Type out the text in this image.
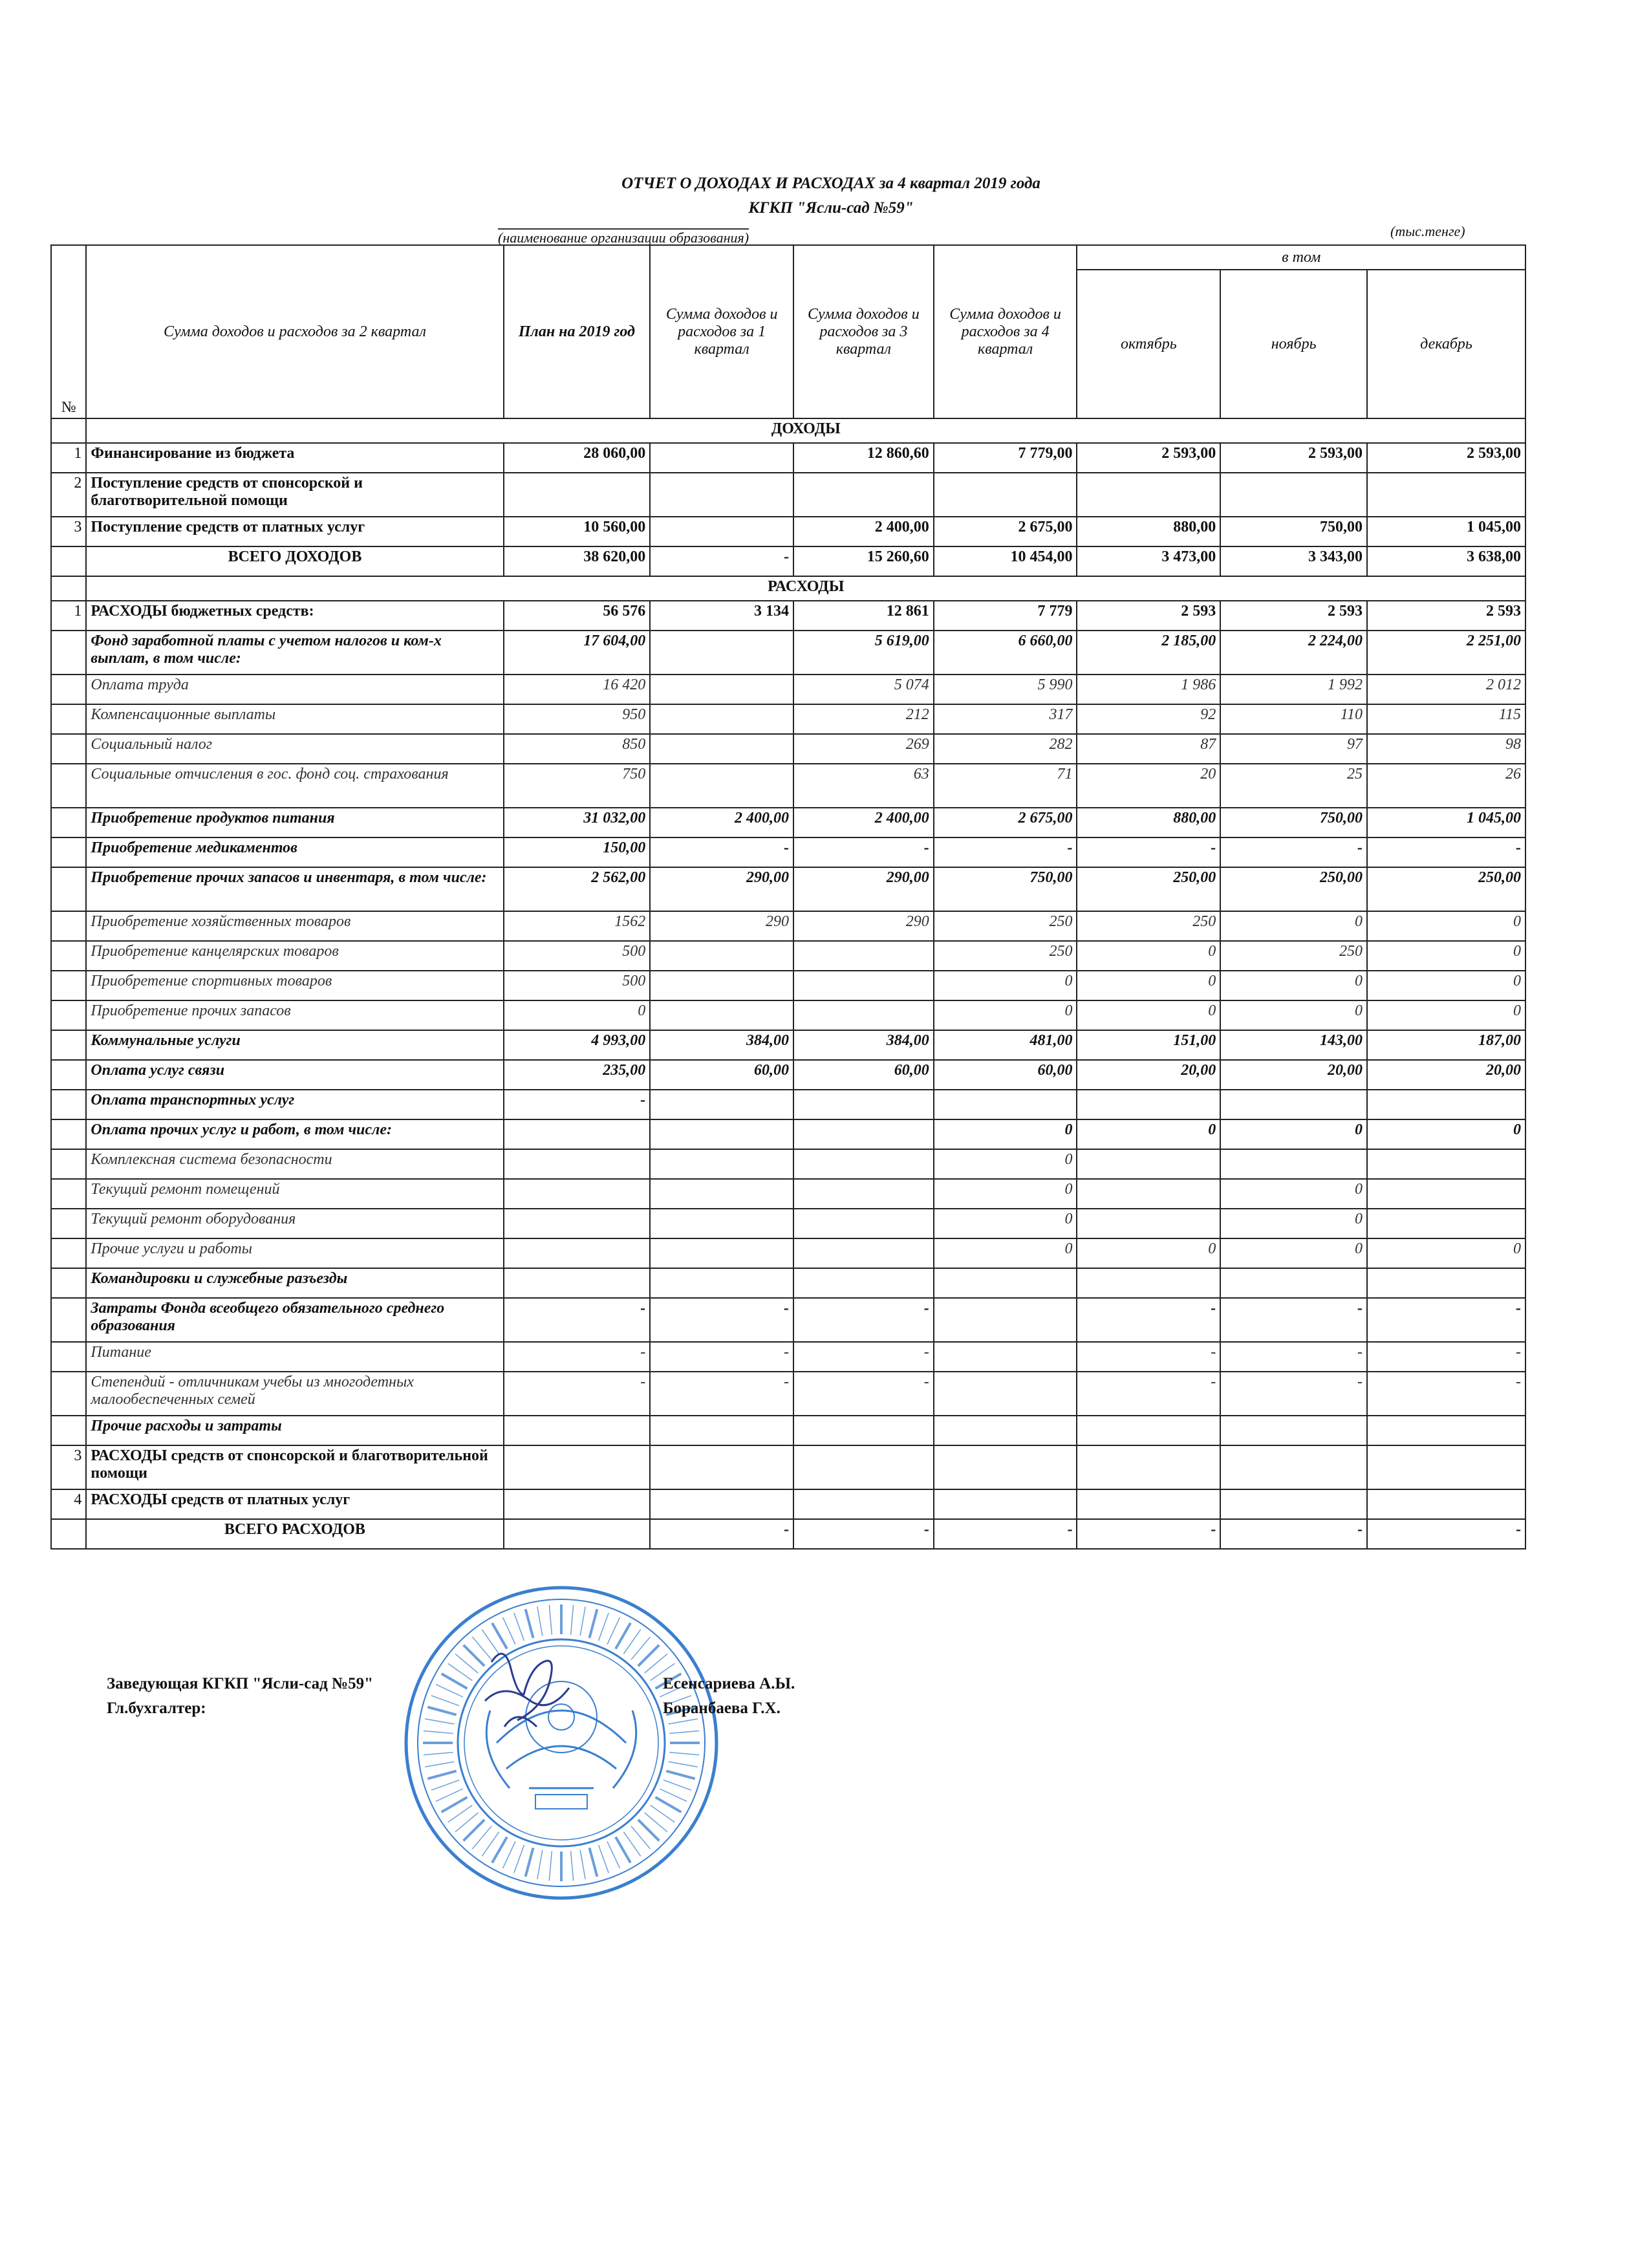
ОТЧЕТ О ДОХОДАХ И РАСХОДАХ за 4 квартал 2019 года
КГКП "Ясли-сад №59"
(наименование организации образования)	(тыс.тенге)
№	Сумма доходов и расходов за 2 квартал	План на 2019 год	Сумма доходов и расходов за 1 квартал	Сумма доходов и расходов за 3 квартал	Сумма доходов и расходов за 4 квартал	в том		
						октябрь	ноябрь	декабрь
	ДОХОДЫ							
1	Финансирование из бюджета	28 060,00		12 860,60	7 779,00	2 593,00	2 593,00	2 593,00
2	Поступление средств от спонсорской и благотворительной помощи							
3	Поступление средств от платных услуг	10 560,00		2 400,00	2 675,00	880,00	750,00	1 045,00
	ВСЕГО ДОХОДОВ	38 620,00	-	15 260,60	10 454,00	3 473,00	3 343,00	3 638,00
	РАСХОДЫ							
1	РАСХОДЫ бюджетных средств:	56 576	3 134	12 861	7 779	2 593	2 593	2 593
	Фонд заработной платы с учетом налогов и ком-х выплат, в том числе:	17 604,00		5 619,00	6 660,00	2 185,00	2 224,00	2 251,00
	Оплата труда	16 420		5 074	5 990	1 986	1 992	2 012
	Компенсационные выплаты	950		212	317	92	110	115
	Социальный налог	850		269	282	87	97	98
	Социальные отчисления в гос. фонд соц. страхования	750		63	71	20	25	26
	Приобретение продуктов питания	31 032,00	2 400,00	2 400,00	2 675,00	880,00	750,00	1 045,00
	Приобретение медикаментов	150,00	-	-	-	-	-	-
	Приобретение прочих запасов и инвентаря, в том числе:	2 562,00	290,00	290,00	750,00	250,00	250,00	250,00
	Приобретение хозяйственных товаров	1562	290	290	250	250	0	0
	Приобретение канцелярских товаров	500			250	0	250	0
	Приобретение спортивных товаров	500			0	0	0	0
	Приобретение прочих запасов	0			0	0	0	0
	Коммунальные услуги	4 993,00	384,00	384,00	481,00	151,00	143,00	187,00
	Оплата услуг связи	235,00	60,00	60,00	60,00	20,00	20,00	20,00
	Оплата транспортных услуг	-						
	Оплата прочих услуг и работ, в том числе:				0	0	0	0
	Комплексная система безопасности				0			
	Текущий ремонт помещений				0		0	
	Текущий ремонт оборудования				0		0	
	Прочие услуги и работы				0	0	0	0
	Командировки и служебные разъезды							
	Затраты Фонда всеобщего обязательного среднего образования	-	-	-		-	-	-
	Питание	-	-	-		-	-	-
	Степендий - отличникам учебы из многодетных малообеспеченных семей	-	-	-		-	-	-
	Прочие расходы и затраты							
3	РАСХОДЫ средств от спонсорской и благотворительной помощи							
4	РАСХОДЫ средств от платных услуг							
	ВСЕГО РАСХОДОВ		-	-	-	-	-	-
Заведующая КГКП "Ясли-сад №59"
Гл.бухгалтер:
Есенсариева А.Ы.
Боранбаева Г.Х.
